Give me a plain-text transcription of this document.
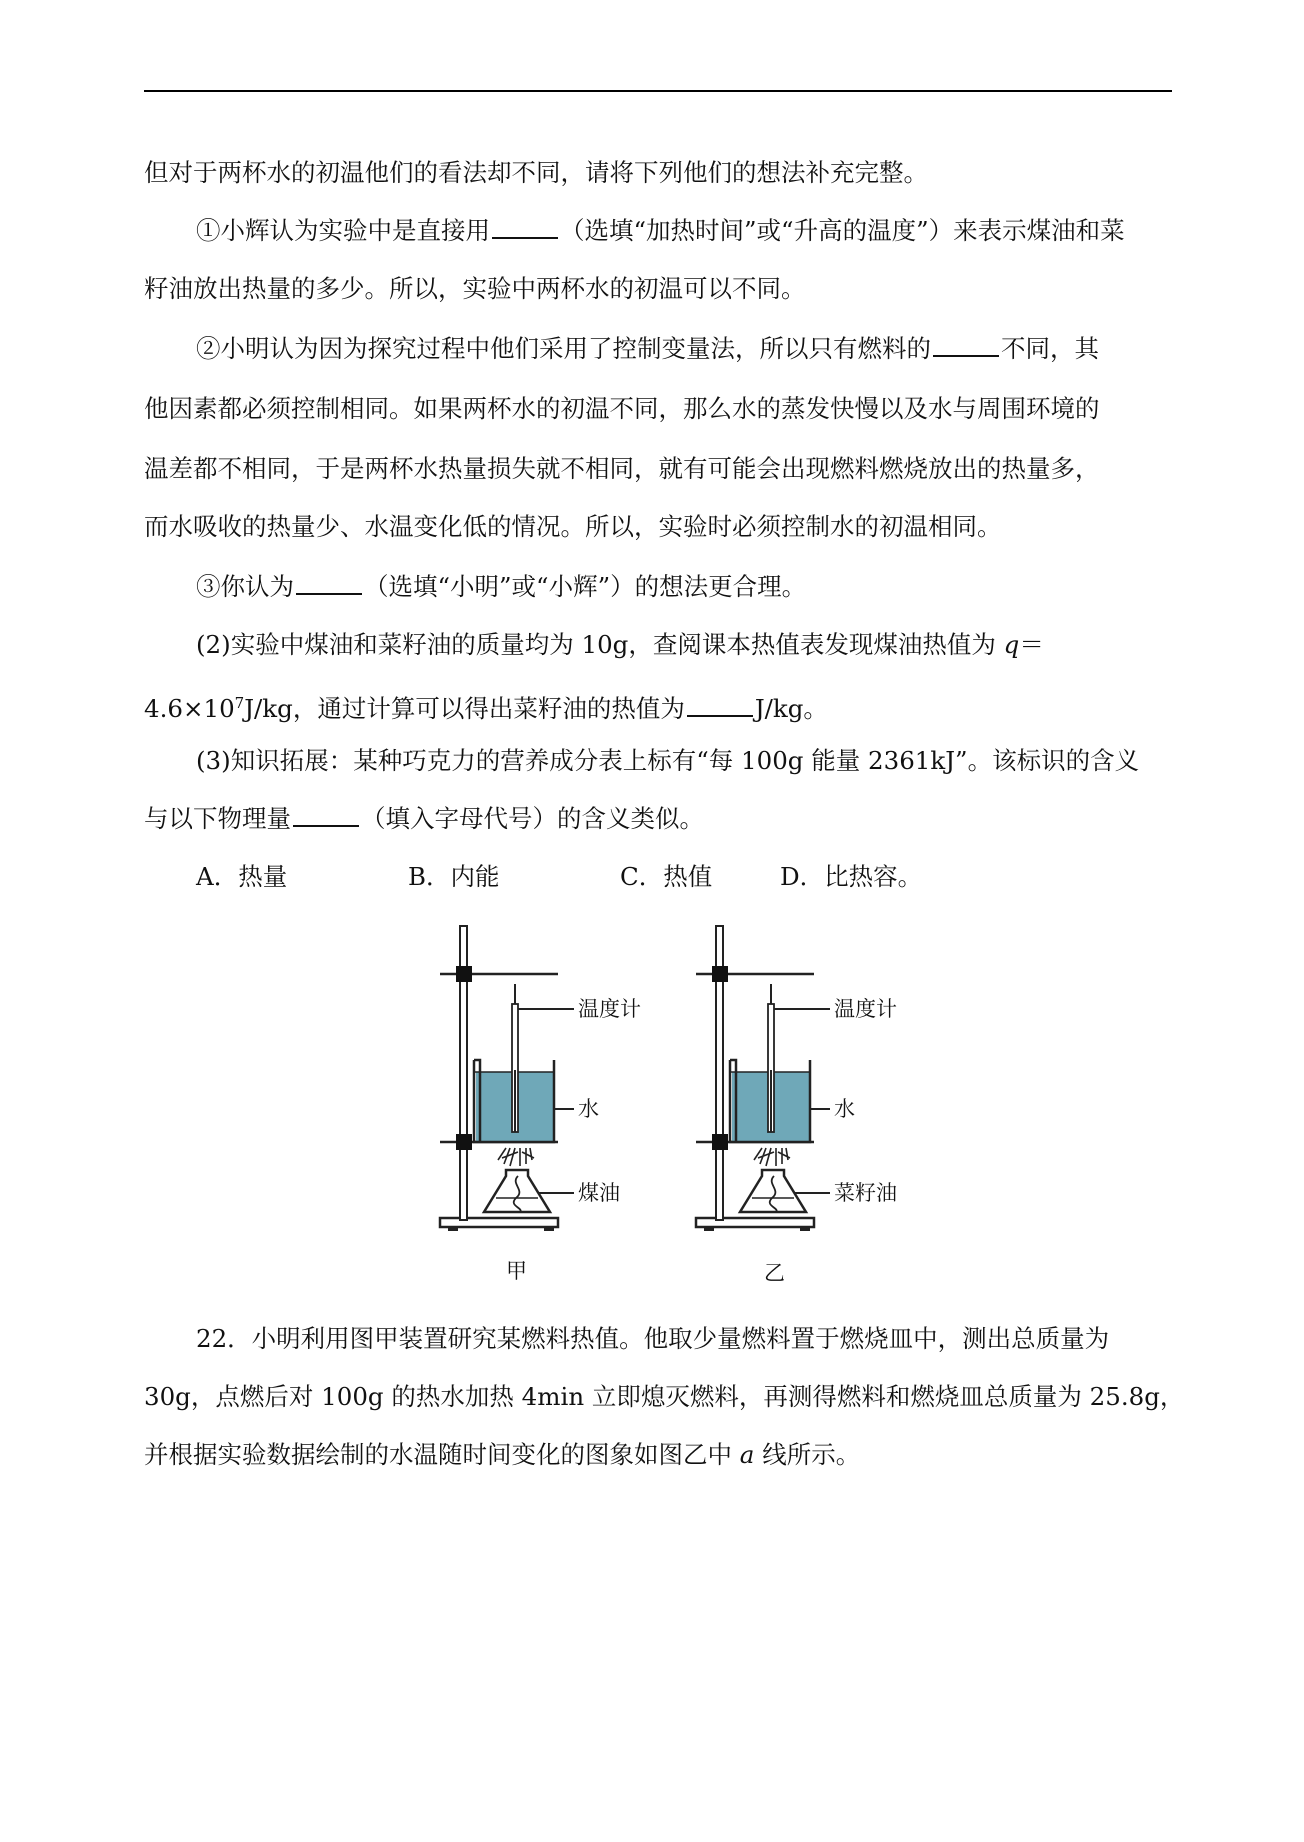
但对于两杯水的初温他们的看法却不同，请将下列他们的想法补充完整。
①小辉认为实验中是直接用	（选填“加热时间”或“升高的温度”）来表示煤油和菜
籽油放出热量的多少。所以，实验中两杯水的初温可以不同。
②小明认为因为探究过程中他们采用了控制变量法，所以只有燃料的	不同，其
他因素都必须控制相同。如果两杯水的初温不同，那么水的蒸发快慢以及水与周围环境的
温差都不相同，于是两杯水热量损失就不相同，就有可能会出现燃料燃烧放出的热量多，
而水吸收的热量少、水温变化低的情况。所以，实验时必须控制水的初温相同。
③你认为	（选填“小明”或“小辉”）的想法更合理。
(2)实验中煤油和菜籽油的质量均为 10g，查阅课本热值表发现煤油热值为 q＝
$4.6\times 10^7J/kg$，通过计算可以得出菜籽油的热值为	J/kg。
(3)知识拓展：某种巧克力的营养成分表上标有“每 100g 能量 2361kJ”。该标识的含义
与以下物理量	（填入字母代号）的含义类似。
A．热量	B．内能	C．热值	D．比热容。
温度计
水
煤油
甲
温度计
水
菜籽油
乙
22．小明利用图甲装置研究某燃料热值。他取少量燃料置于燃烧皿中，测出总质量为
30g，点燃后对 100g 的热水加热 4min 立即熄灭燃料，再测得燃料和燃烧皿总质量为 25.8g，
并根据实验数据绘制的水温随时间变化的图象如图乙中 a 线所示。
